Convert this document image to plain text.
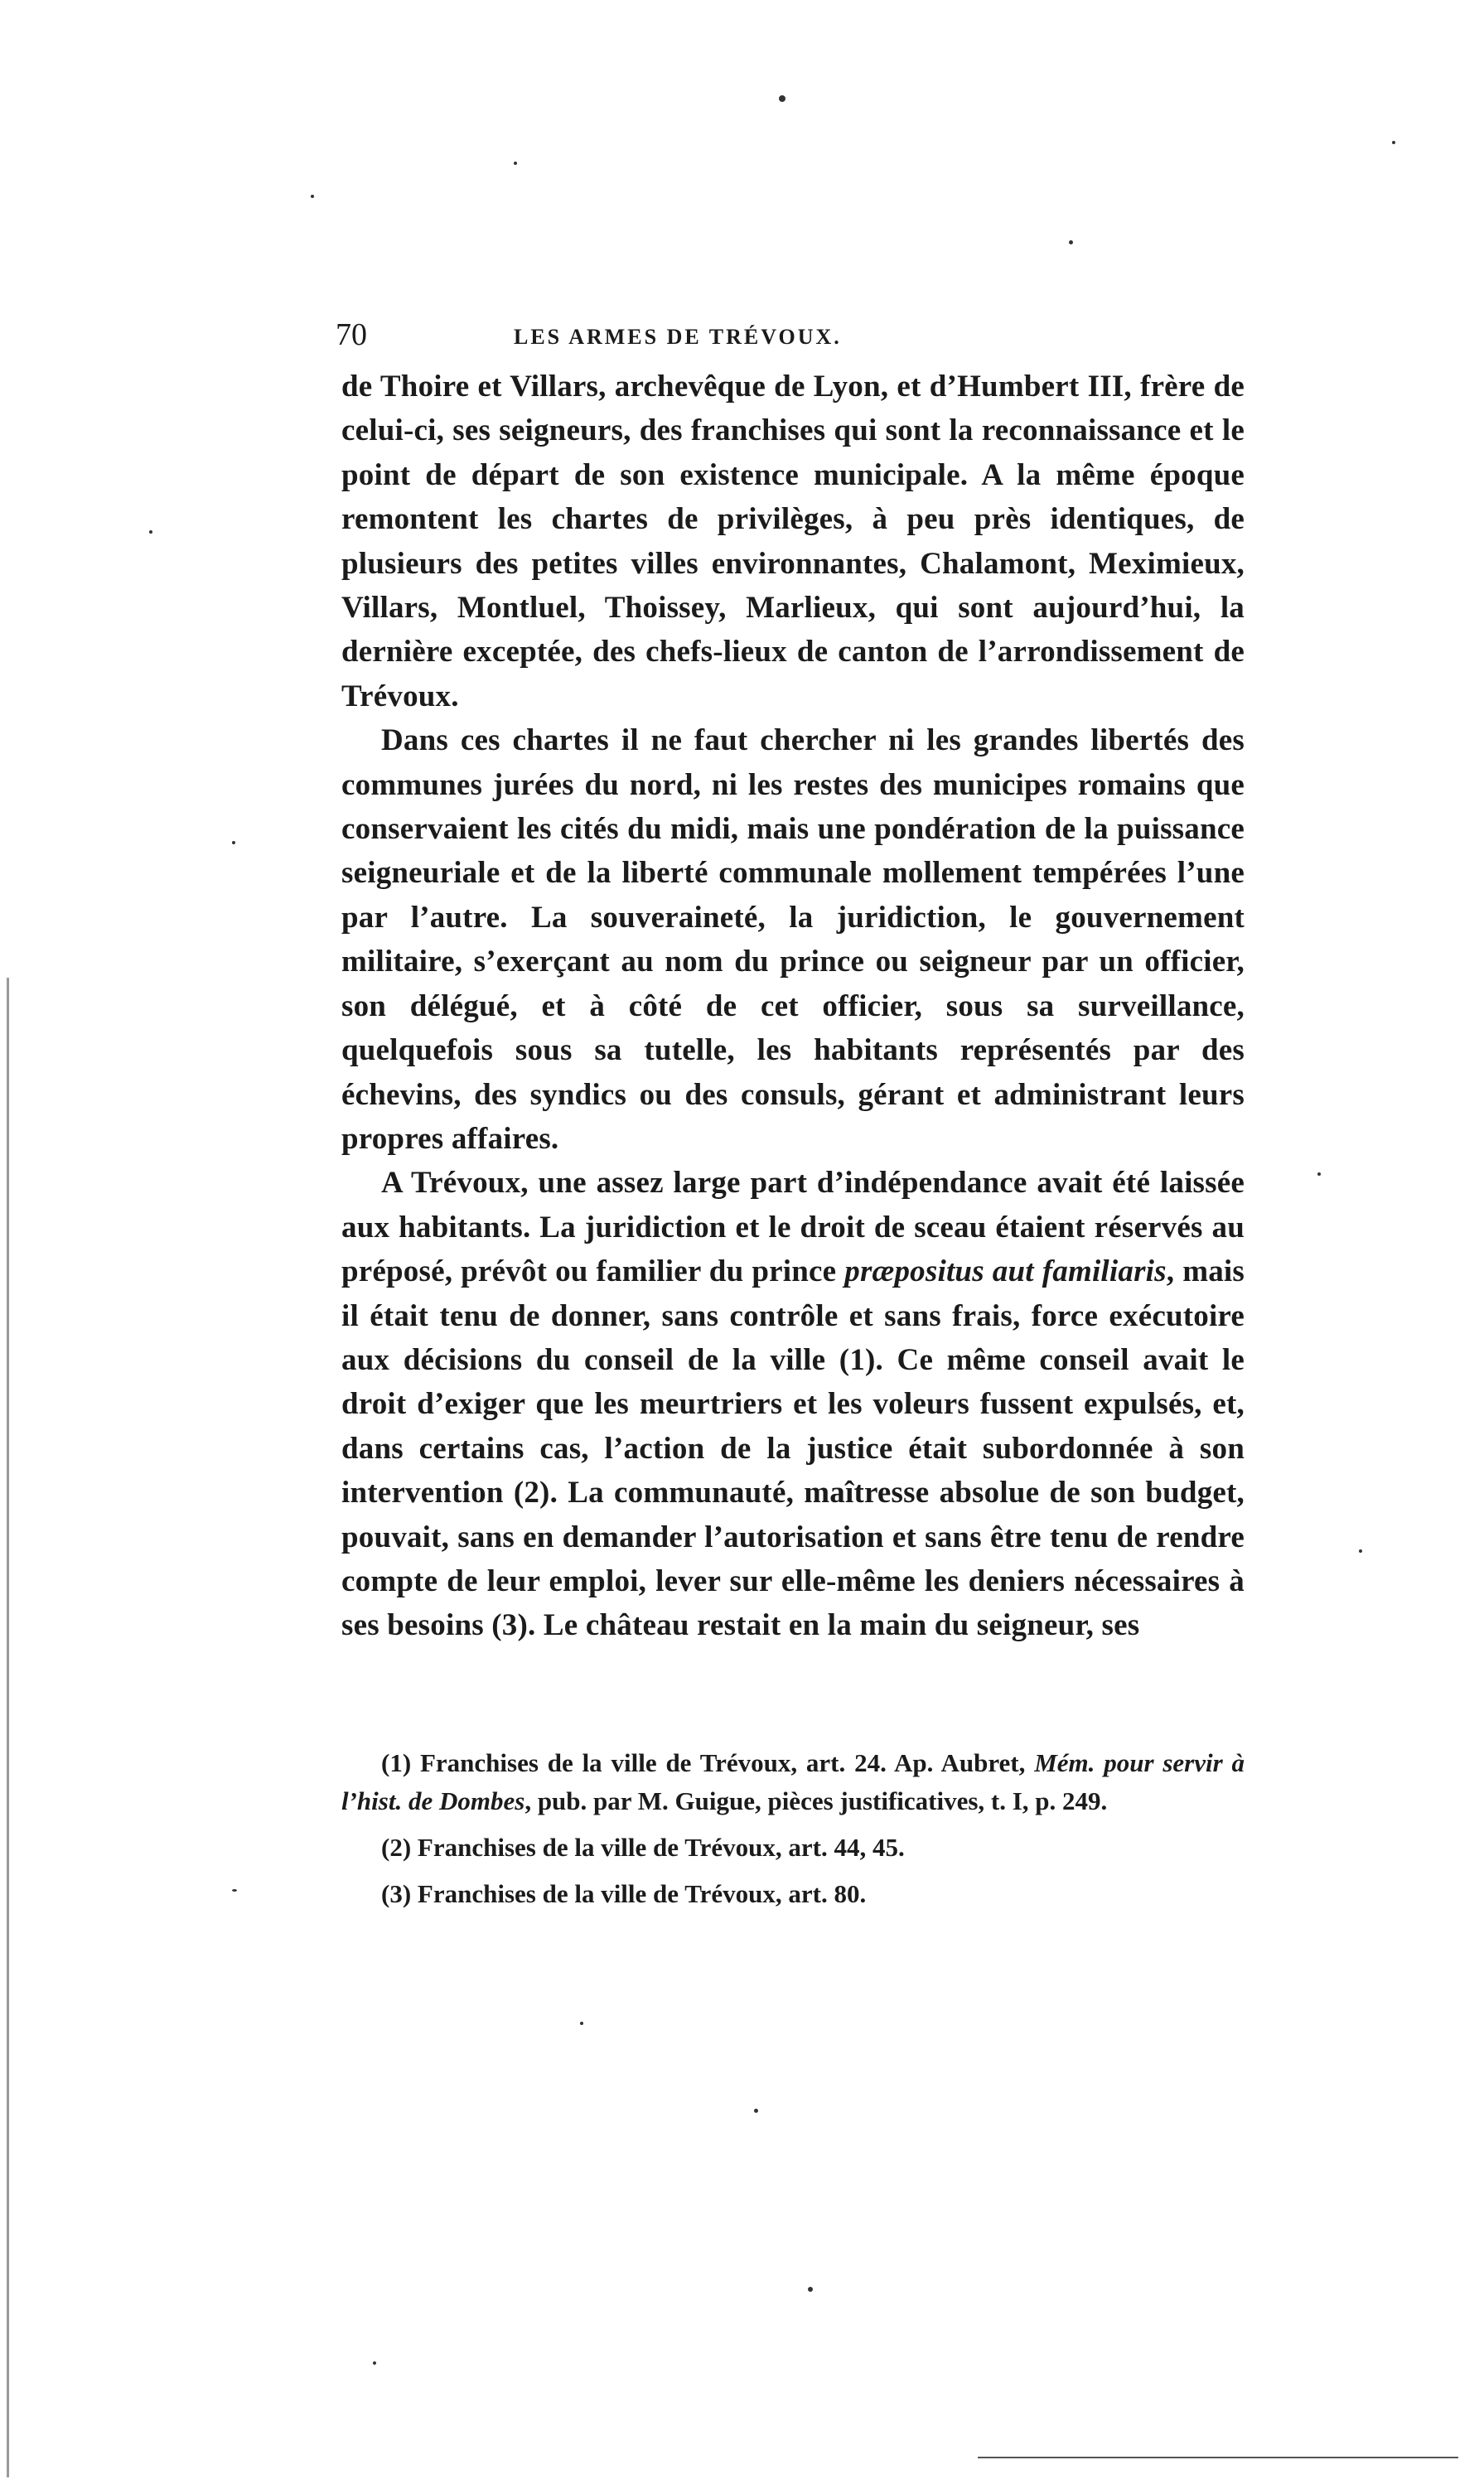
70	LES ARMES DE TRÉVOUX.

de Thoire et Villars, archevêque de Lyon, et d’Humbert III, frère de celui-ci, ses seigneurs, des franchises qui sont la reconnaissance et le point de départ de son existence municipale. A la même époque remontent les chartes de privilèges, à peu près identiques, de plusieurs des petites villes environnantes, Chalamont, Meximieux, Villars, Montluel, Thoissey, Marlieux, qui sont aujourd’hui, la dernière exceptée, des chefs-lieux de canton de l’arrondissement de Trévoux.

Dans ces chartes il ne faut chercher ni les grandes libertés des communes jurées du nord, ni les restes des municipes romains que conservaient les cités du midi, mais une pondération de la puissance seigneuriale et de la liberté communale mollement tempérées l’une par l’autre. La souveraineté, la juridiction, le gouvernement militaire, s’exerçant au nom du prince ou seigneur par un officier, son délégué, et à côté de cet officier, sous sa surveillance, quelquefois sous sa tutelle, les habitants représentés par des échevins, des syndics ou des consuls, gérant et administrant leurs propres affaires.

A Trévoux, une assez large part d’indépendance avait été laissée aux habitants. La juridiction et le droit de sceau étaient réservés au préposé, prévôt ou familier du prince præpositus aut familiaris, mais il était tenu de donner, sans contrôle et sans frais, force exécutoire aux décisions du conseil de la ville (1). Ce même conseil avait le droit d’exiger que les meurtriers et les voleurs fussent expulsés, et, dans certains cas, l’action de la justice était subordonnée à son intervention (2). La communauté, maîtresse absolue de son budget, pouvait, sans en demander l’autorisation et sans être tenu de rendre compte de leur emploi, lever sur elle-même les deniers nécessaires à ses besoins (3). Le château restait en la main du seigneur, ses

(1) Franchises de la ville de Trévoux, art. 24. Ap. Aubret, Mém. pour servir à l’hist. de Dombes, pub. par M. Guigue, pièces justificatives, t. I, p. 249.

(2) Franchises de la ville de Trévoux, art. 44, 45.

(3) Franchises de la ville de Trévoux, art. 80.
